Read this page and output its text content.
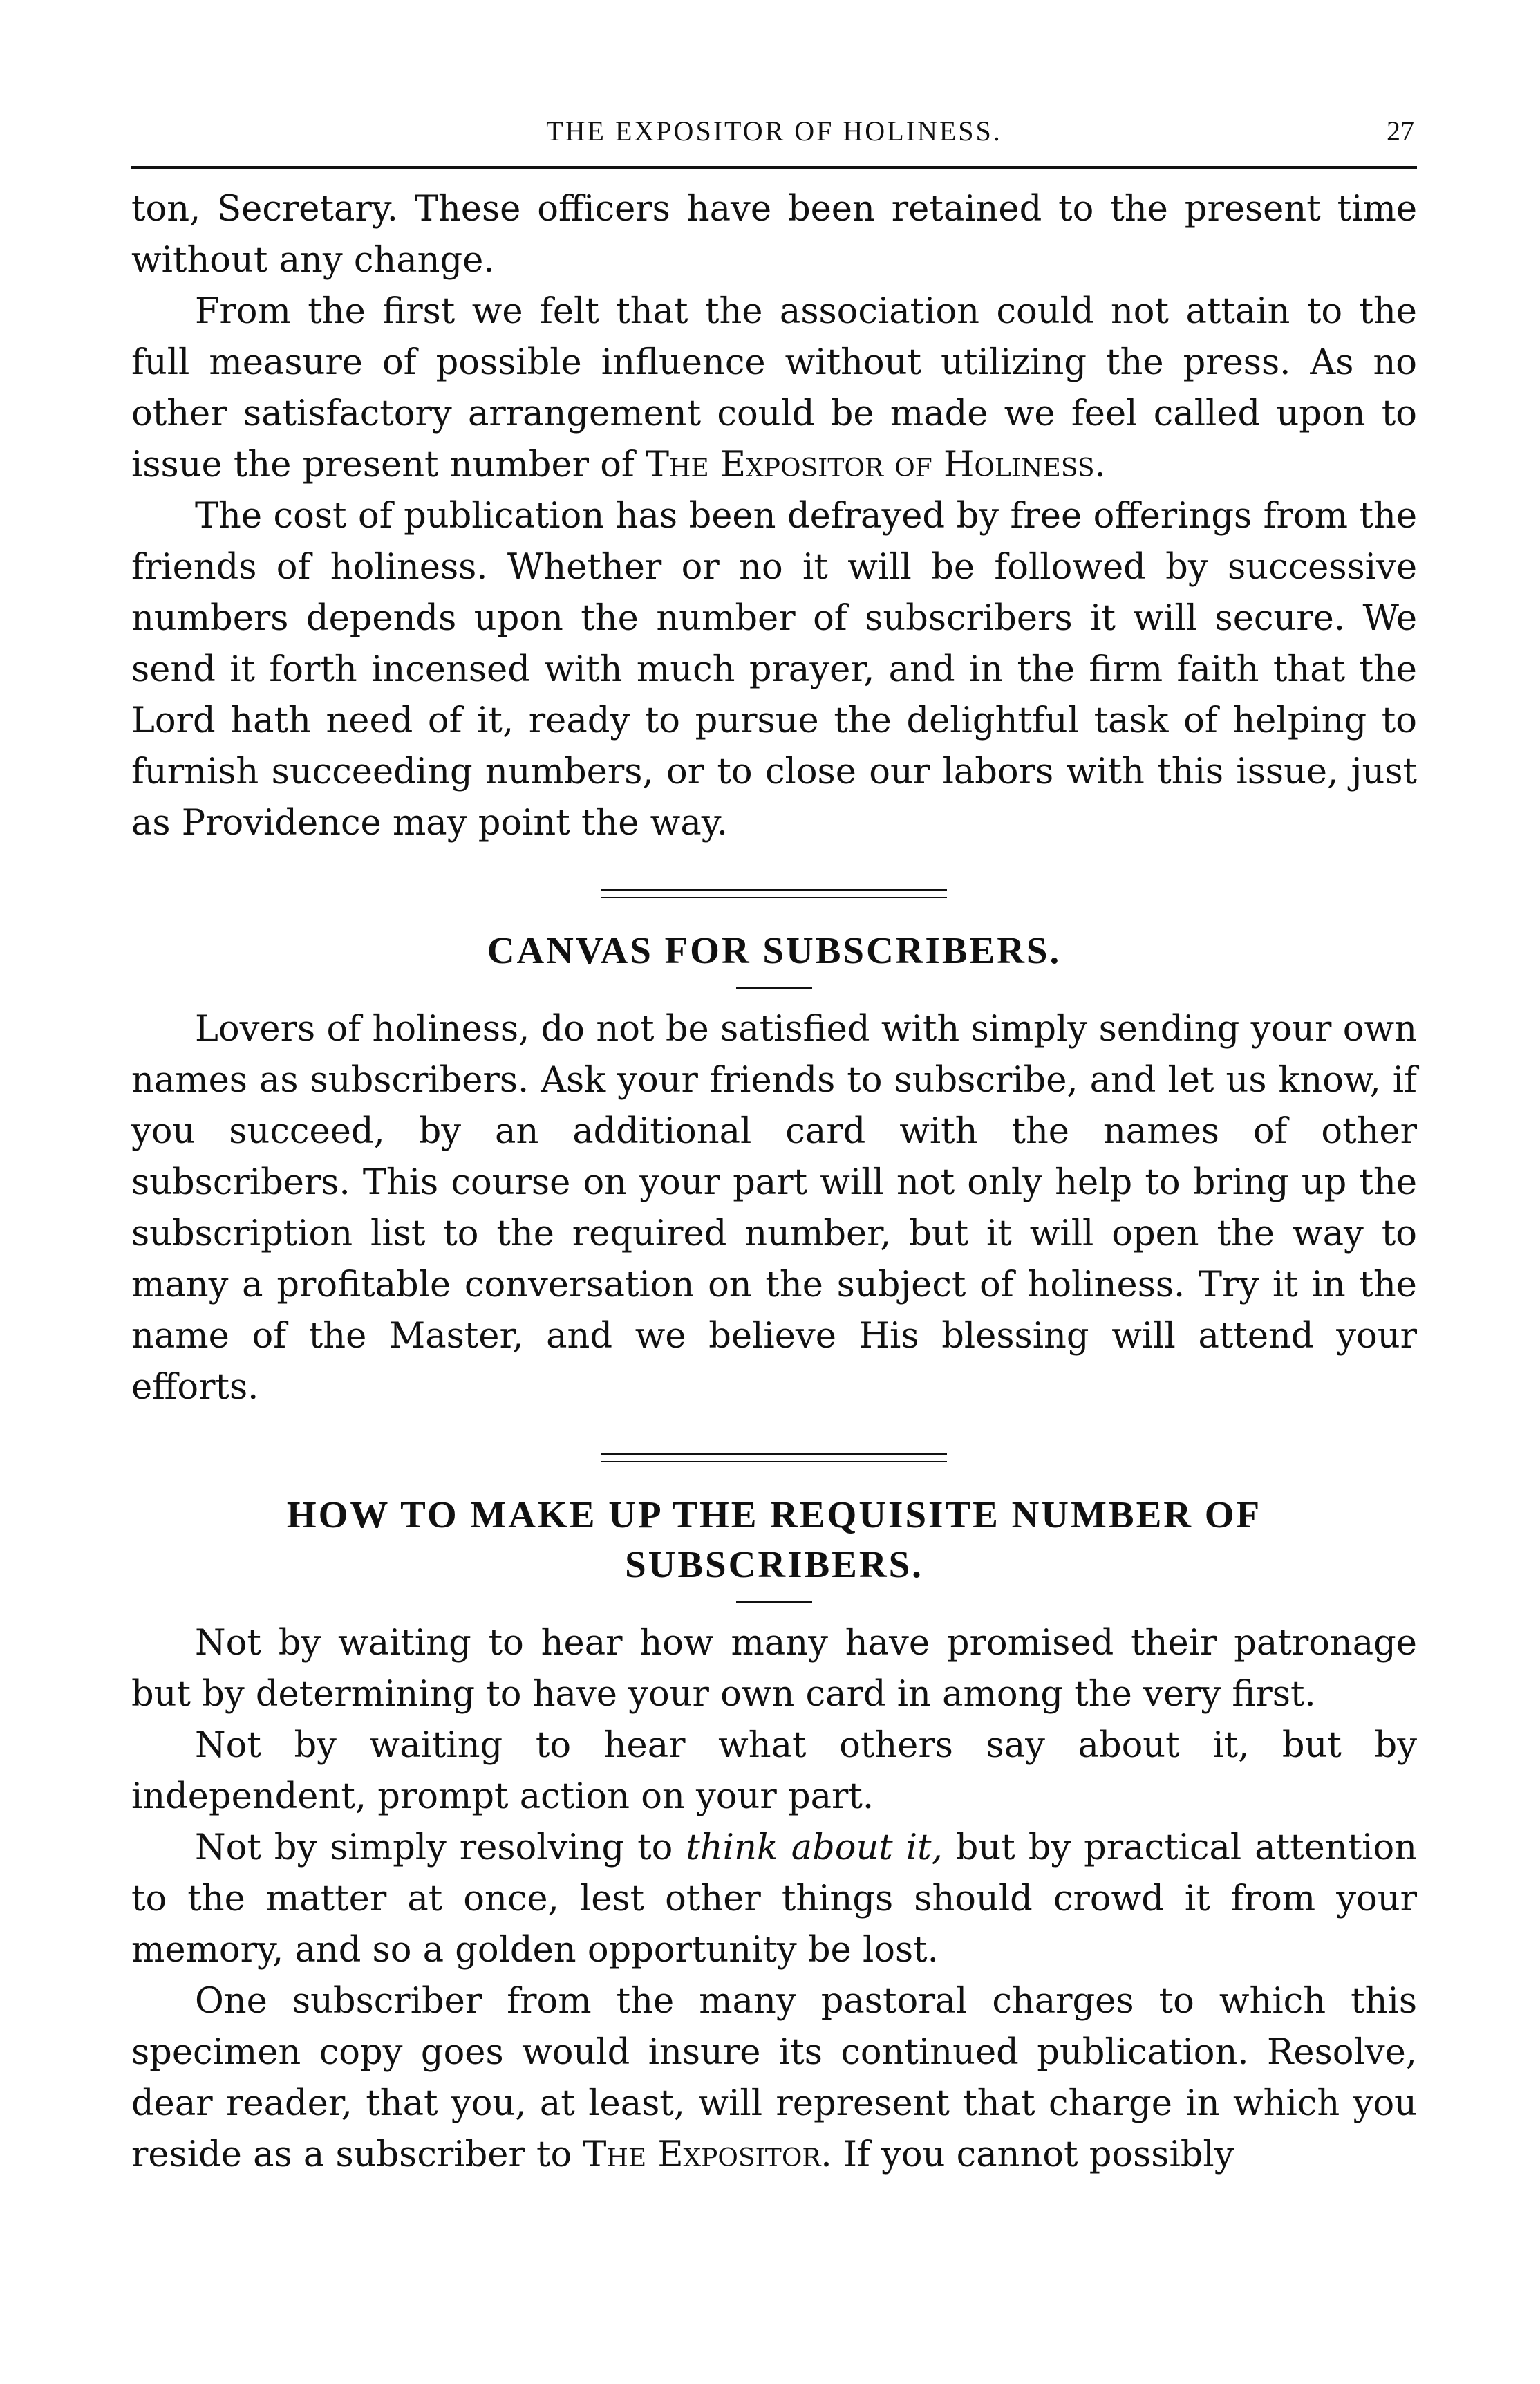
THE EXPOSITOR OF HOLINESS.	27

ton, Secretary. These officers have been retained to the present time without any change.

From the first we felt that the association could not attain to the full measure of possible influence without utilizing the press. As no other satisfactory arrangement could be made we feel called upon to issue the present number of The Expositor of Holiness.

The cost of publication has been defrayed by free offerings from the friends of holiness. Whether or no it will be followed by successive numbers depends upon the number of subscribers it will secure. We send it forth incensed with much prayer, and in the firm faith that the Lord hath need of it, ready to pursue the delightful task of helping to furnish succeeding numbers, or to close our labors with this issue, just as Providence may point the way.

CANVAS FOR SUBSCRIBERS.

Lovers of holiness, do not be satisfied with simply sending your own names as subscribers. Ask your friends to subscribe, and let us know, if you succeed, by an additional card with the names of other subscribers. This course on your part will not only help to bring up the subscription list to the required number, but it will open the way to many a profitable conversation on the subject of holiness. Try it in the name of the Master, and we believe His blessing will attend your efforts.

HOW TO MAKE UP THE REQUISITE NUMBER OF
SUBSCRIBERS.

Not by waiting to hear how many have promised their patronage but by determining to have your own card in among the very first.

Not by waiting to hear what others say about it, but by independent, prompt action on your part.

Not by simply resolving to think about it, but by practical attention to the matter at once, lest other things should crowd it from your memory, and so a golden opportunity be lost.

One subscriber from the many pastoral charges to which this specimen copy goes would insure its continued publication. Resolve, dear reader, that you, at least, will represent that charge in which you reside as a subscriber to The Expositor. If you cannot possibly
